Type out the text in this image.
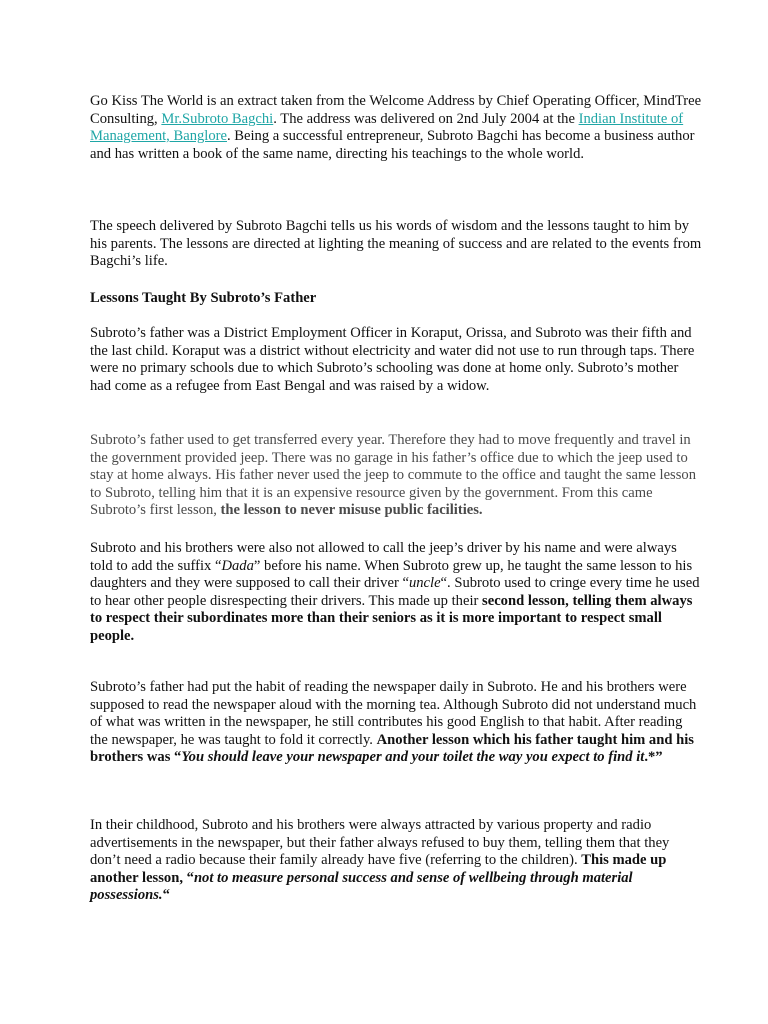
Go Kiss The World is an extract taken from the Welcome Address by Chief Operating Officer, MindTree Consulting, Mr.Subroto Bagchi. The address was delivered on 2nd July 2004 at the Indian Institute of Management, Banglore. Being a successful entrepreneur, Subroto Bagchi has become a business author and has written a book of the same name, directing his teachings to the whole world.

The speech delivered by Subroto Bagchi tells us his words of wisdom and the lessons taught to him by his parents. The lessons are directed at lighting the meaning of success and are related to the events from Bagchi’s life.

Lessons Taught By Subroto’s Father

Subroto’s father was a District Employment Officer in Koraput, Orissa, and Subroto was their fifth and the last child. Koraput was a district without electricity and water did not use to run through taps. There were no primary schools due to which Subroto’s schooling was done at home only. Subroto’s mother had come as a refugee from East Bengal and was raised by a widow.

Subroto’s father used to get transferred every year. Therefore they had to move frequently and travel in the government provided jeep. There was no garage in his father’s office due to which the jeep used to stay at home always. His father never used the jeep to commute to the office and taught the same lesson to Subroto, telling him that it is an expensive resource given by the government. From this came Subroto’s first lesson, the lesson to never misuse public facilities.

Subroto and his brothers were also not allowed to call the jeep’s driver by his name and were always told to add the suffix “Dada” before his name. When Subroto grew up, he taught the same lesson to his daughters and they were supposed to call their driver “uncle“. Subroto used to cringe every time he used to hear other people disrespecting their drivers. This made up their second lesson, telling them always to respect their subordinates more than their seniors as it is more important to respect small people.

Subroto’s father had put the habit of reading the newspaper daily in Subroto. He and his brothers were supposed to read the newspaper aloud with the morning tea. Although Subroto did not understand much of what was written in the newspaper, he still contributes his good English to that habit. After reading the newspaper, he was taught to fold it correctly. Another lesson which his father taught him and his brothers was “You should leave your newspaper and your toilet the way you expect to find it.*”

In their childhood, Subroto and his brothers were always attracted by various property and radio advertisements in the newspaper, but their father always refused to buy them, telling them that they don’t need a radio because their family already have five (referring to the children). This made up another lesson, “not to measure personal success and sense of wellbeing through material possessions.“
